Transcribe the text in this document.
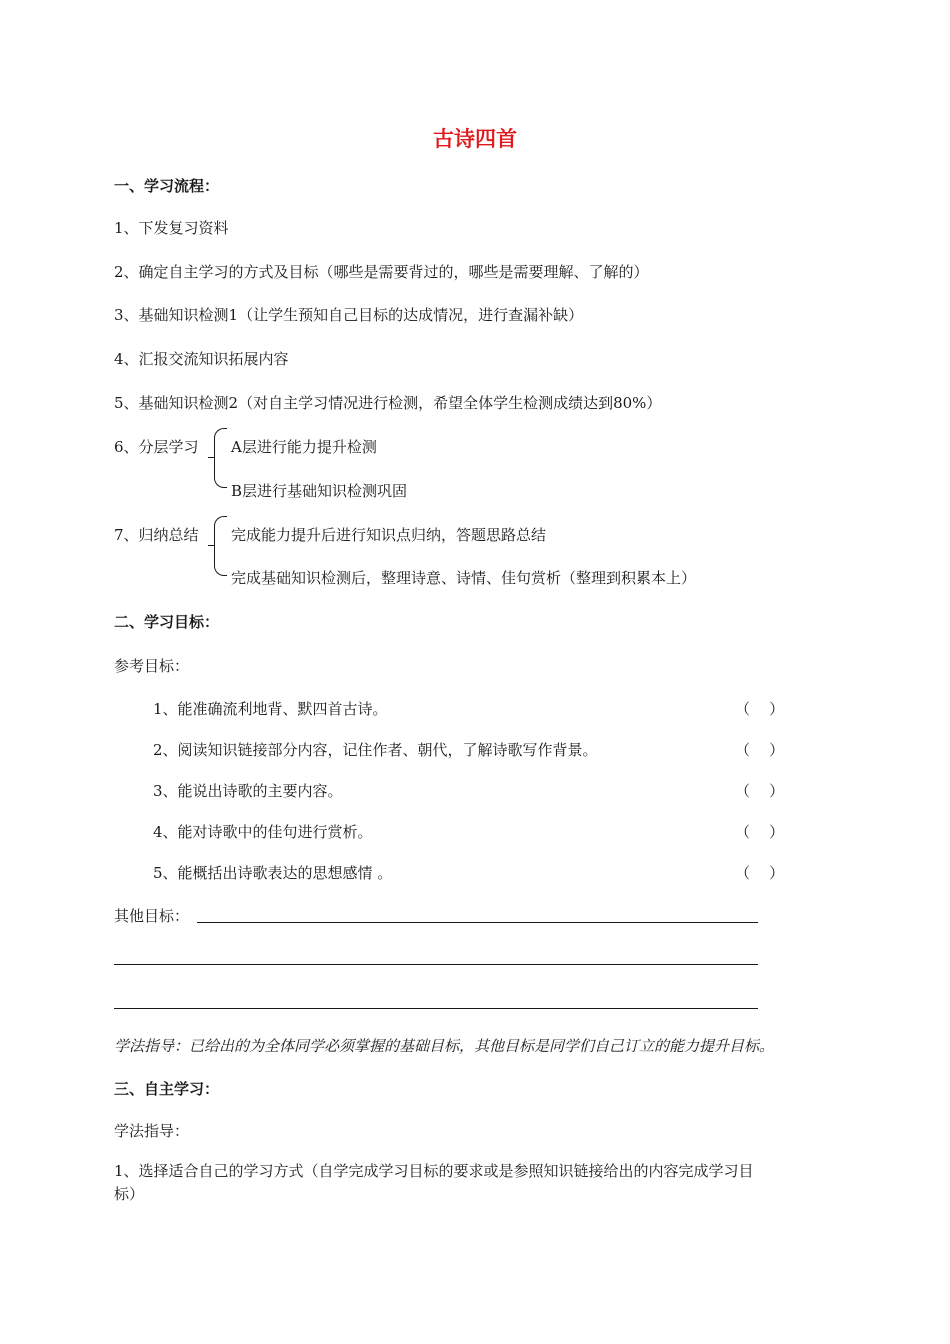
古诗四首
一、学习流程：
1、下发复习资料
2、确定自主学习的方式及目标（哪些是需要背过的，哪些是需要理解、了解的）
3、基础知识检测1（让学生预知自己目标的达成情况，进行查漏补缺）
4、汇报交流知识拓展内容
5、基础知识检测2（对自主学习情况进行检测，希望全体学生检测成绩达到80%）
6、分层学习 A层进行能力提升检测
B层进行基础知识检测巩固
7、归纳总结 完成能力提升后进行知识点归纳，答题思路总结
完成基础知识检测后，整理诗意、诗情、佳句赏析（整理到积累本上）
二、学习目标：
参考目标：
1、能准确流利地背、默四首古诗。	（    ）
2、阅读知识链接部分内容，记住作者、朝代，了解诗歌写作背景。	（    ）
3、能说出诗歌的主要内容。	（    ）
4、能对诗歌中的佳句进行赏析。	（    ）
5、能概括出诗歌表达的思想感情 。	（    ）
其他目标：
学法指导：已给出的为全体同学必须掌握的基础目标，其他目标是同学们自己订立的能力提升目标。
三、自主学习：
学法指导：
1、选择适合自己的学习方式（自学完成学习目标的要求或是参照知识链接给出的内容完成学习目
标）
